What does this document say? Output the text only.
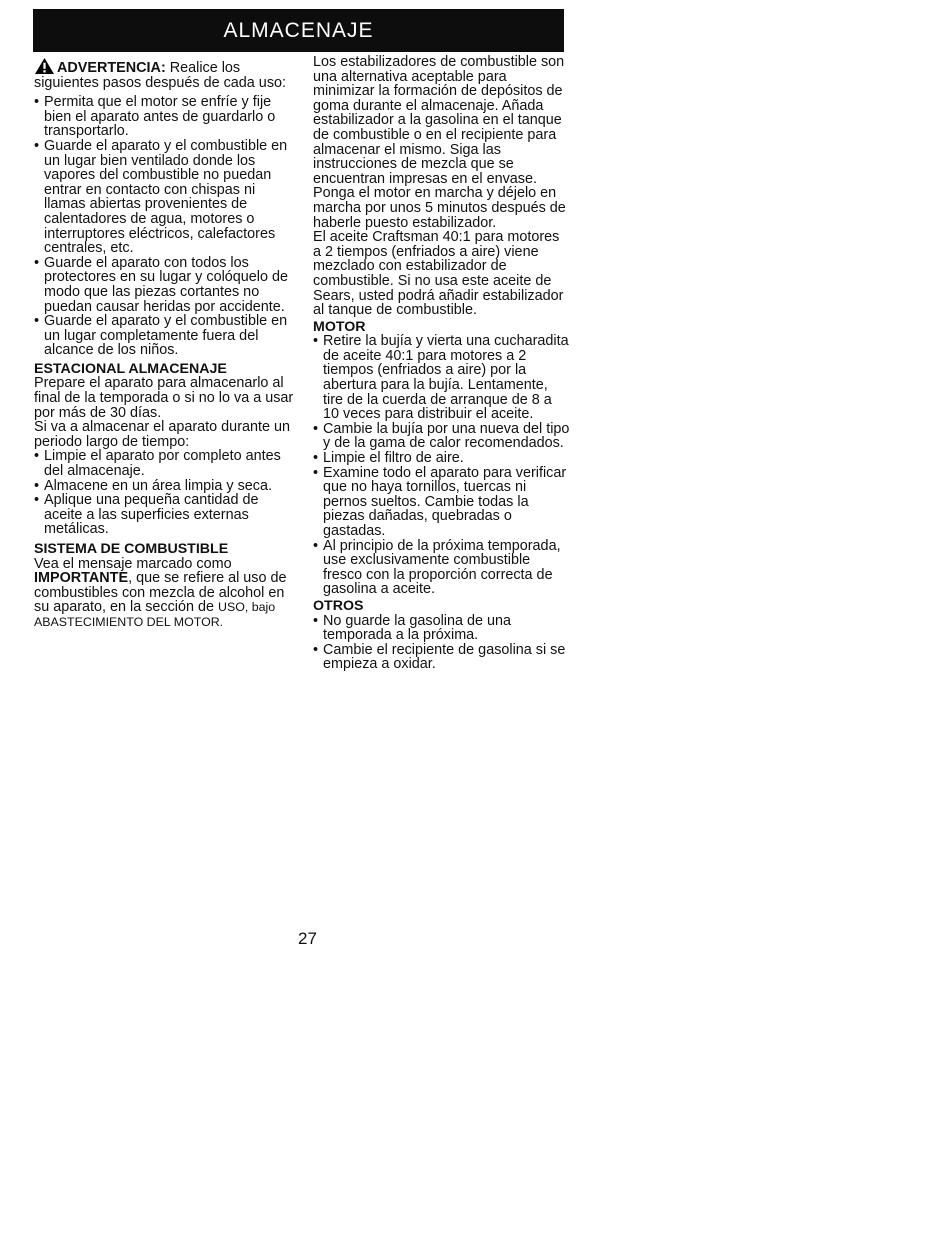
ALMACENAJE

ADVERTENCIA: Realice los siguientes pasos después de cada uso:

• Permita que el motor se enfríe y fije bien el aparato antes de guardarlo o transportarlo.
• Guarde el aparato y el combustible en un lugar bien ventilado donde los vapores del combustible no puedan entrar en contacto con chispas ni llamas abiertas provenientes de calentadores de agua, motores o interruptores eléctricos, calefactores centrales, etc.
• Guarde el aparato con todos los protectores en su lugar y colóquelo de modo que las piezas cortantes no puedan causar heridas por accidente.
• Guarde el aparato y el combustible en un lugar completamente fuera del alcance de los niños.
ESTACIONAL ALMACENAJE

Prepare el aparato para almacenarlo al final de la temporada o si no lo va a usar por más de 30 días.

Si va a almacenar el aparato durante un periodo largo de tiempo:

• Limpie el aparato por completo antes del almacenaje.
• Almacene en un área limpia y seca.
• Aplique una pequeña cantidad de aceite a las superficies externas metálicas.
SISTEMA DE COMBUSTIBLE

Vea el mensaje marcado como IMPORTANTE, que se refiere al uso de combustibles con mezcla de alcohol en su aparato, en la sección de USO, bajo ABASTECIMIENTO DEL MOTOR.

Los estabilizadores de combustible son una alternativa aceptable para minimizar la formación de depósitos de goma durante el almacenaje. Añada estabilizador a la gasolina en el tanque de combustible o en el recipiente para almacenar el mismo. Siga las instrucciones de mezcla que se encuentran impresas en el envase. Ponga el motor en marcha y déjelo en marcha por unos 5 minutos después de haberle puesto estabilizador.

El aceite Craftsman 40:1 para motores a 2 tiempos (enfriados a aire) viene mezclado con estabilizador de combustible. Si no usa este aceite de Sears, usted podrá añadir estabilizador al tanque de combustible.

MOTOR
• Retire la bujía y vierta una cucharadita de aceite 40:1 para motores a 2 tiempos (enfriados a aire) por la abertura para la bujía. Lentamente, tire de la cuerda de arranque de 8 a 10 veces para distribuir el aceite.
• Cambie la bujía por una nueva del tipo y de la gama de calor recomendados.
• Limpie el filtro de aire.
• Examine todo el aparato para verificar que no haya tornillos, tuercas ni pernos sueltos. Cambie todas la piezas dañadas, quebradas o gastadas.
• Al principio de la próxima temporada, use exclusivamente combustible fresco con la proporción correcta de gasolina a aceite.
OTROS
• No guarde la gasolina de una temporada a la próxima.
• Cambie el recipiente de gasolina si se empieza a oxidar.
27
